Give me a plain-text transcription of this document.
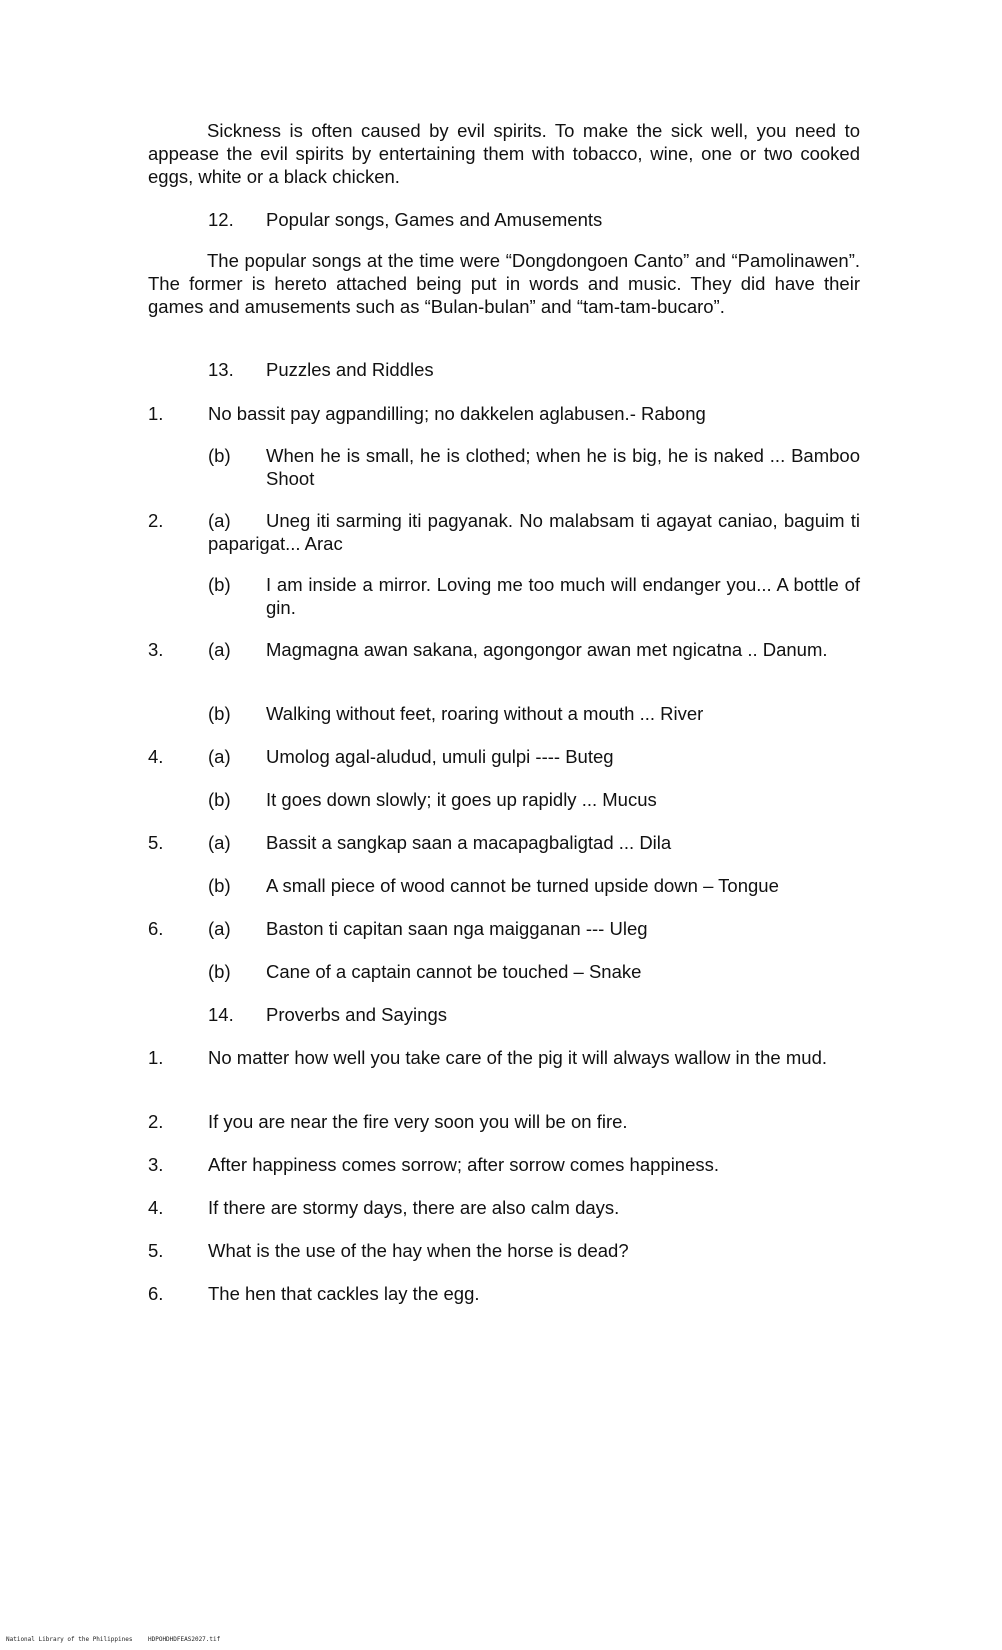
Sickness is often caused by evil spirits. To make the sick well, you need to appease the evil spirits by entertaining them with tobacco, wine, one or two cooked eggs, white or a black chicken.
12. Popular songs, Games and Amusements
The popular songs at the time were “Dongdongoen Canto” and “Pamolinawen”. The former is hereto attached being put in words and music. They did have their games and amusements such as “Bulan-bulan” and “tam-tam-bucaro”.
13. Puzzles and Riddles
1. No bassit pay agpandilling; no dakkelen aglabusen.- Rabong
(b) When he is small, he is clothed; when he is big, he is naked ... Bamboo Shoot
2. (a) Uneg iti sarming iti pagyanak. No malabsam ti agayat caniao, baguim ti paparigat... Arac
(b) I am inside a mirror. Loving me too much will endanger you... A bottle of gin.
3. (a) Magmagna awan sakana, agongongor awan met ngicatna .. Danum.
(b) Walking without feet, roaring without a mouth ... River
4. (a) Umolog agal-aludud, umuli gulpi ---- Buteg
(b) It goes down slowly; it goes up rapidly ... Mucus
5. (a) Bassit a sangkap saan a macapagbaligtad ... Dila
(b) A small piece of wood cannot be turned upside down – Tongue
6. (a) Baston ti capitan saan nga maigganan --- Uleg
(b) Cane of a captain cannot be touched – Snake
14. Proverbs and Sayings
1. No matter how well you take care of the pig it will always wallow in the mud.
2. If you are near the fire very soon you will be on fire.
3. After happiness comes sorrow; after sorrow comes happiness.
4. If there are stormy days, there are also calm days.
5. What is the use of the hay when the horse is dead?
6. The hen that cackles lay the egg.
National Library of the Philippines	HDPOHDHDFEAS2027.tif
